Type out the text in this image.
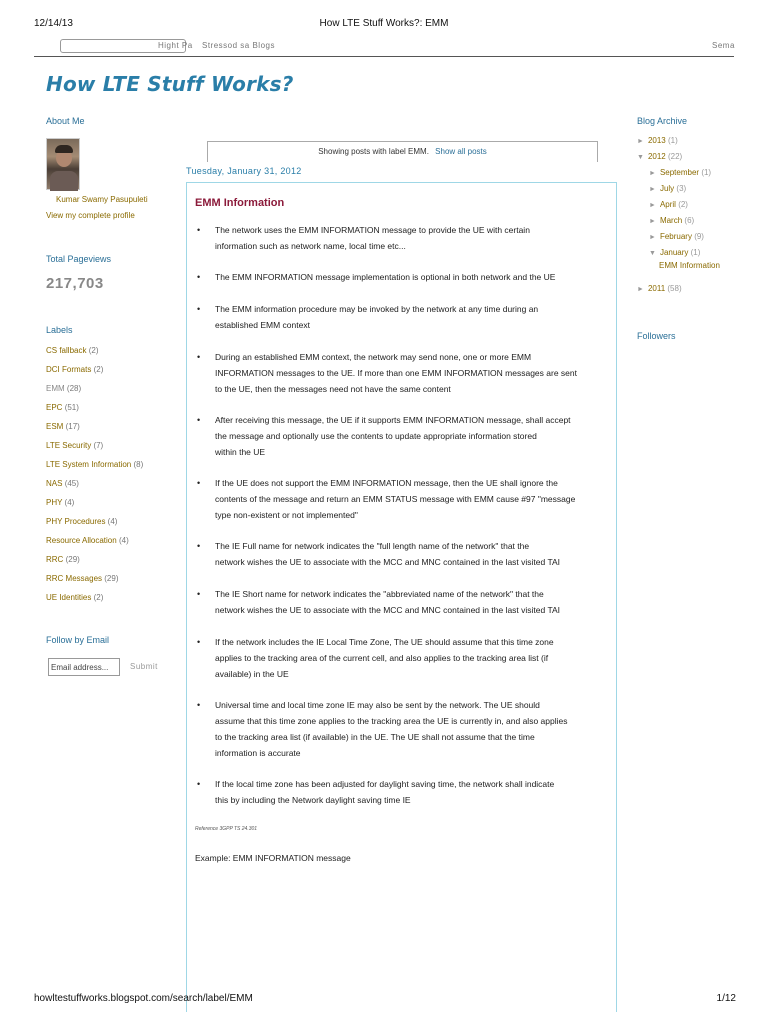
12/14/13	How LTE Stuff Works?: EMM
Hight Pa Stressod sa Blogs	Sema
How LTE Stuff Works?
About Me
Kumar Swamy Pasupuleti
View my complete profile
Total Pageviews
217,703
Labels
CS fallback (2)
DCI Formats (2)
EMM (28)
EPC (51)
ESM (17)
LTE Security (7)
LTE System Information (8)
NAS (45)
PHY (4)
PHY Procedures (4)
Resource Allocation (4)
RRC (29)
RRC Messages (29)
UE Identities (2)
Follow by Email
Email address...	Submit
Showing posts with label EMM. Show all posts
Tuesday, January 31, 2012
EMM Information
• The network uses the EMM INFORMATION message to provide the UE with certain
information such as network name, local time etc...
• The EMM INFORMATION message implementation is optional in both network and the UE
• The EMM information procedure may be invoked by the network at any time during an
established EMM context
• During an established EMM context, the network may send none, one or more EMM
INFORMATION messages to the UE. If more than one EMM INFORMATION messages are sent
to the UE, then the messages need not have the same content
• After receiving this message, the UE if it supports EMM INFORMATION message, shall accept
the message and optionally use the contents to update appropriate information stored
within the UE
• If the UE does not support the EMM INFORMATION message, then the UE shall ignore the
contents of the message and return an EMM STATUS message with EMM cause #97 "message
type non-existent or not implemented"
• The IE Full name for network indicates the "full length name of the network" that the
network wishes the UE to associate with the MCC and MNC contained in the last visited TAI
• The IE Short name for network indicates the "abbreviated name of the network" that the
network wishes the UE to associate with the MCC and MNC contained in the last visited TAI
• If the network includes the IE Local Time Zone, The UE should assume that this time zone
applies to the tracking area of the current cell, and also applies to the tracking area list (if
available) in the UE
• Universal time and local time zone IE may also be sent by the network. The UE should
assume that this time zone applies to the tracking area the UE is currently in, and also applies
to the tracking area list (if available) in the UE. The UE shall not assume that the time
information is accurate
• If the local time zone has been adjusted for daylight saving time, the network shall indicate
this by including the Network daylight saving time IE
Reference 3GPP TS 24.301
Example: EMM INFORMATION message
Blog Archive
► 2013 (1)
▼ 2012 (22)
► September (1)
► July (3)
► April (2)
► March (6)
► February (9)
▼ January (1)
EMM Information
► 2011 (58)
Followers
howltestuffworks.blogspot.com/search/label/EMM	1/12
